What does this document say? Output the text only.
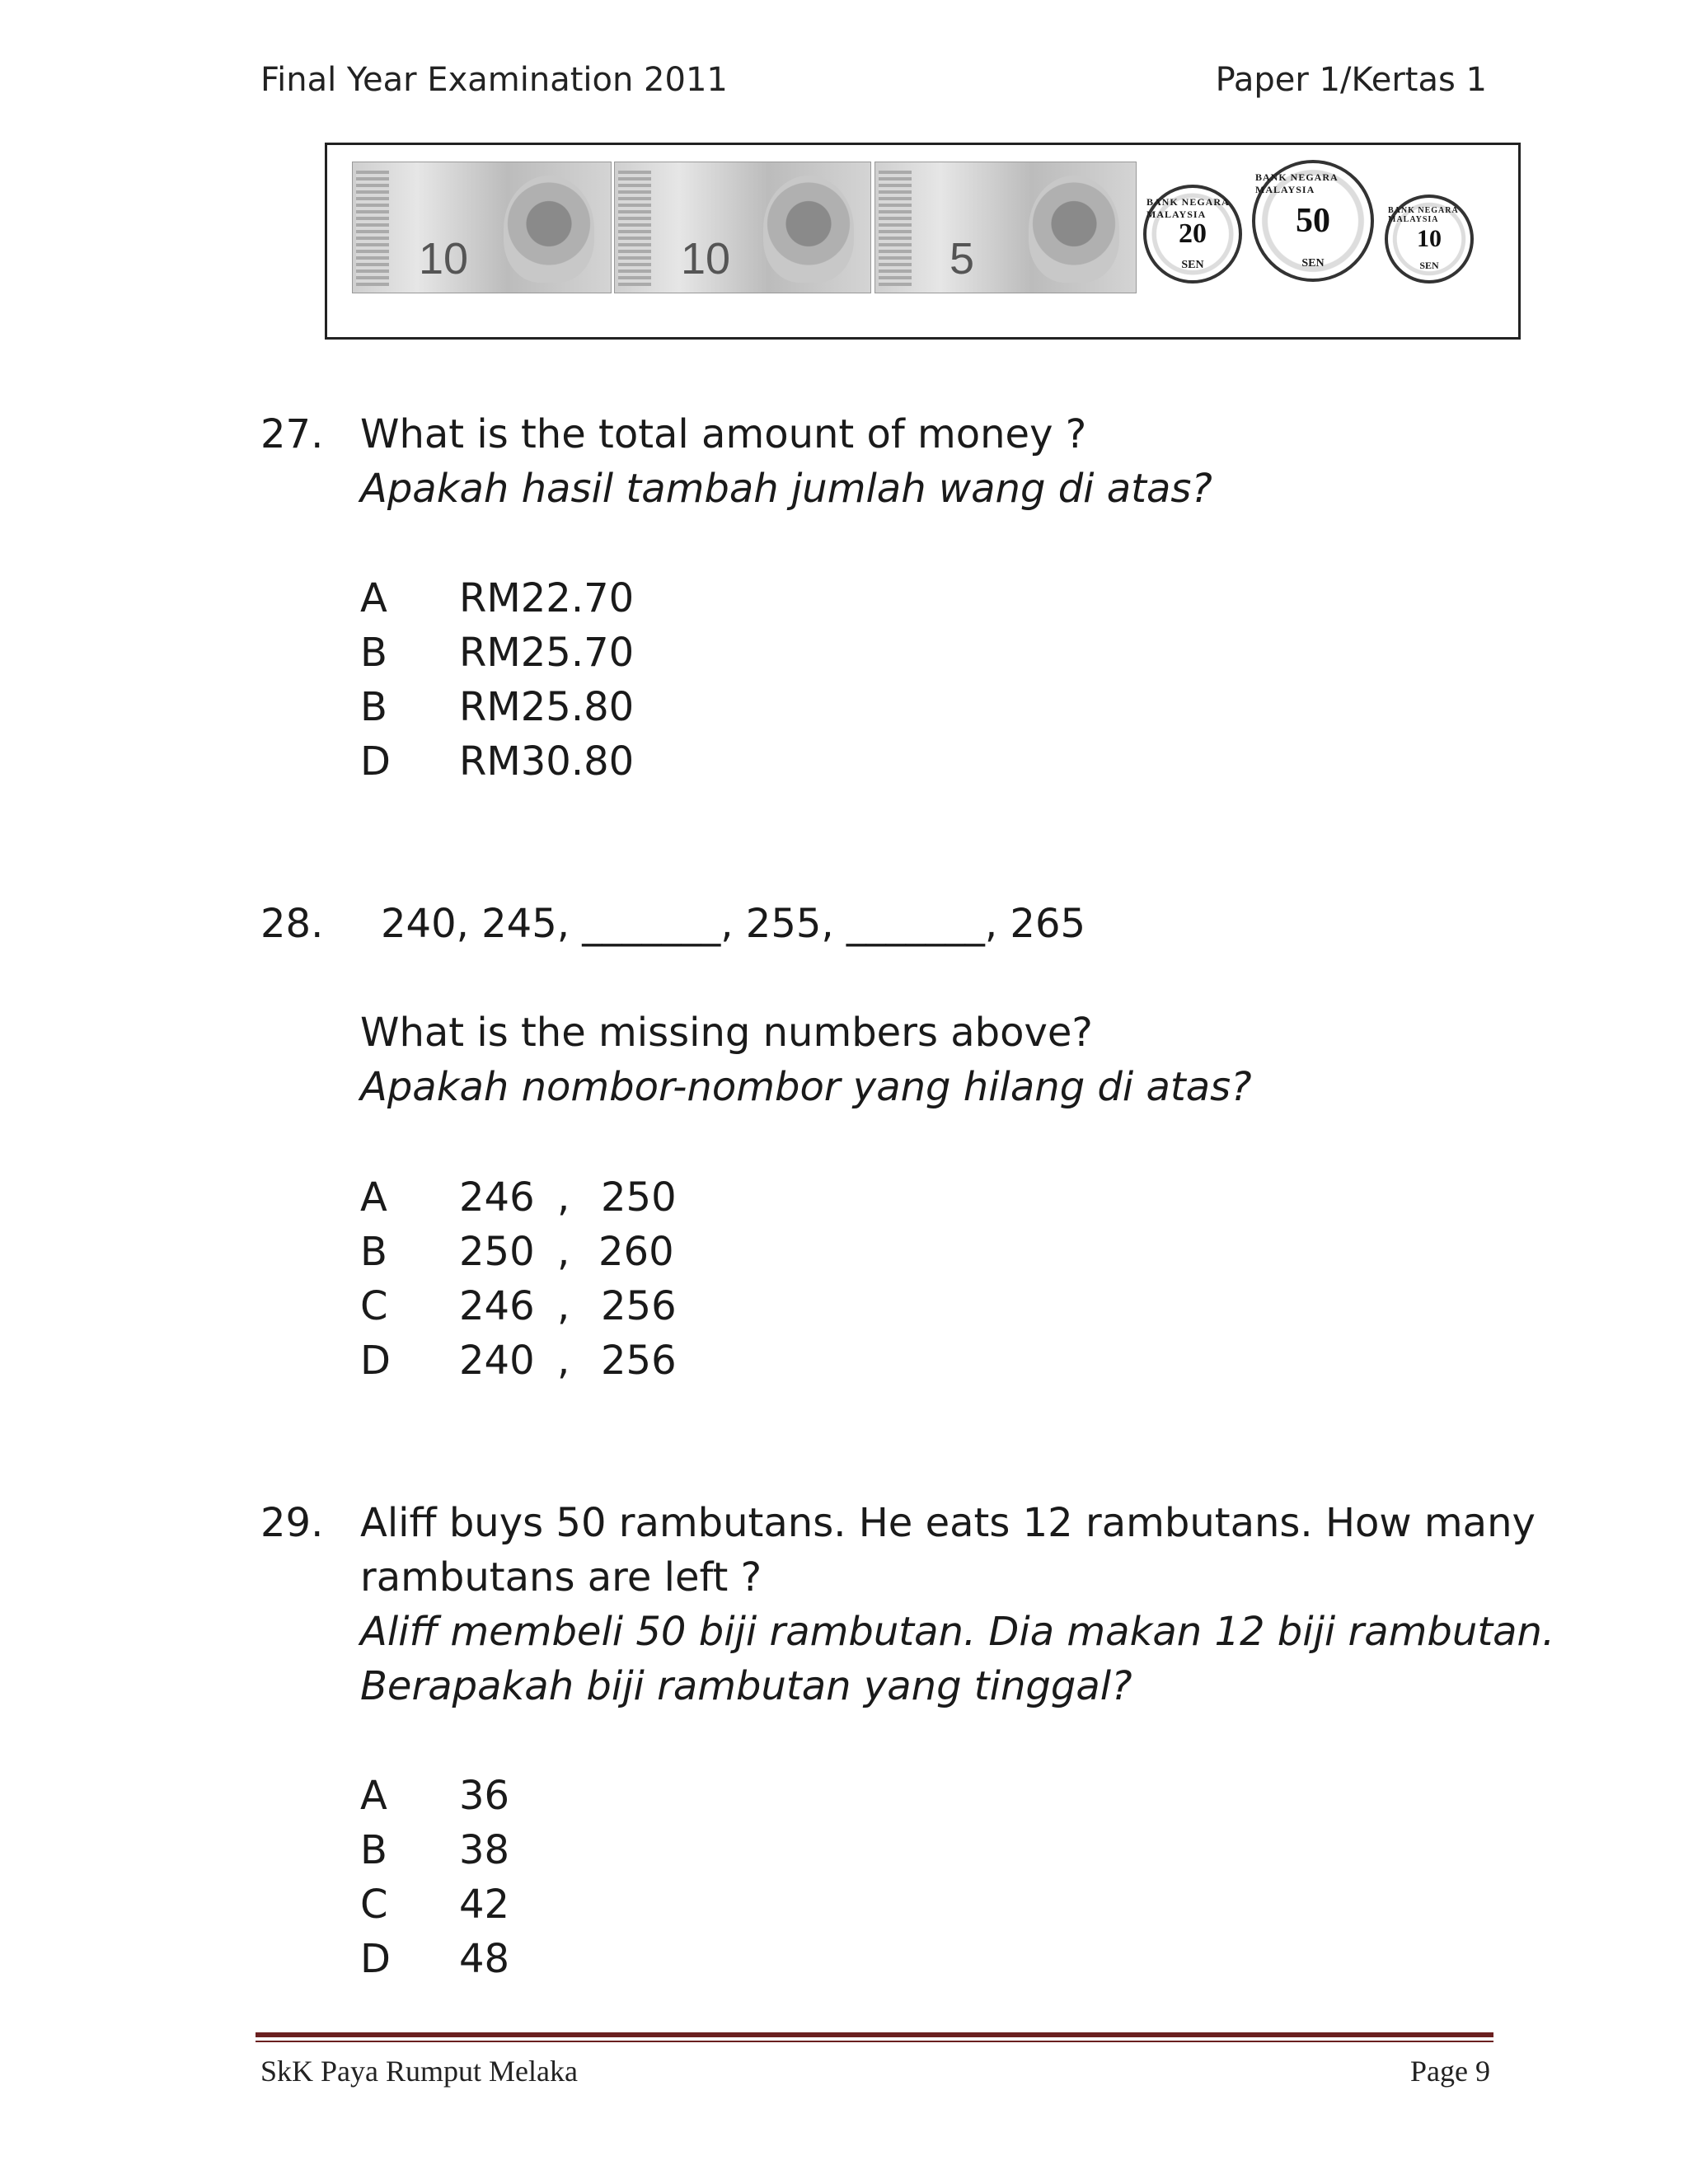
Final Year Examination 2011	Paper 1/Kertas 1
10	10	5
BANK NEGARA MALAYSIA
20
SEN
BANK NEGARA MALAYSIA
50
SEN
BANK NEGARA MALAYSIA
10
SEN
27. What is the total amount of money ?
Apakah hasil tambah jumlah wang di atas?
A RM22.70
B RM25.70
B RM25.80
D RM30.80
28. 240, 245, _______, 255, _______, 265
What is the missing numbers above?
Apakah nombor-nombor yang hilang di atas?
A 246 , 250
B 250 , 260
C 246 , 256
D 240 , 256
29. Aliff buys 50 rambutans. He eats 12 rambutans. How many
rambutans are left ?
Aliff membeli 50 biji rambutan. Dia makan 12 biji rambutan.
Berapakah biji rambutan yang tinggal?
A 36
B 38
C 42
D 48
SkK Paya Rumput Melaka	Page 9
